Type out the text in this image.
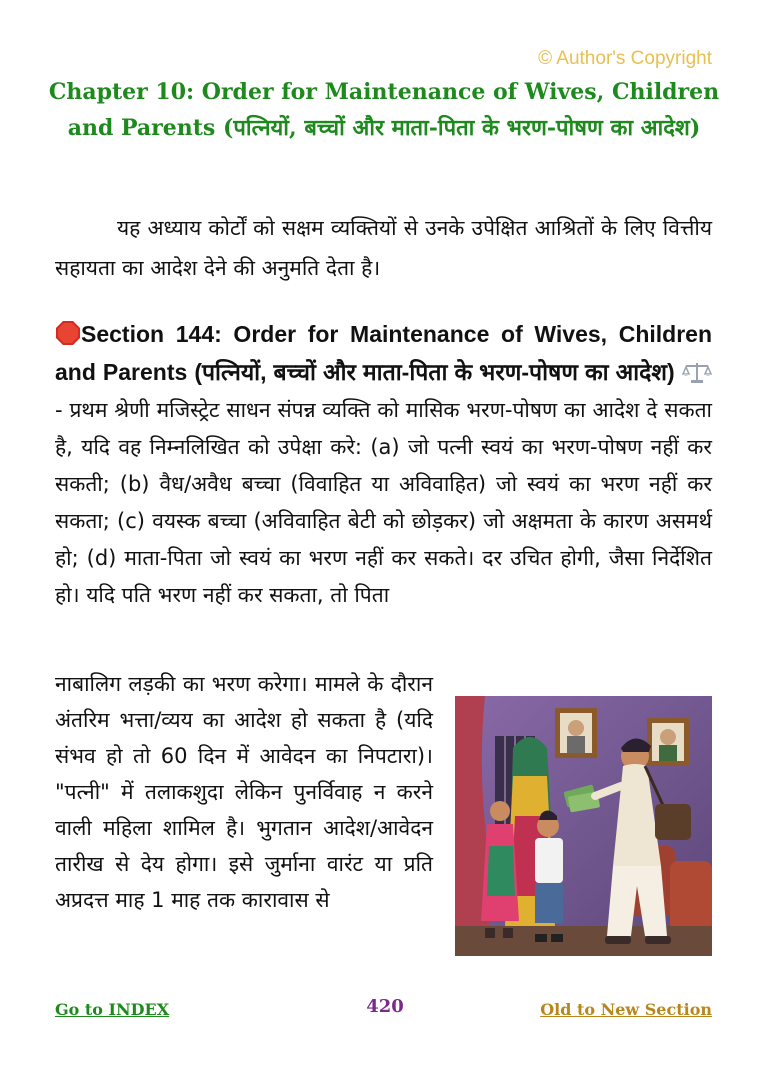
© Author's Copyright
Chapter 10: Order for Maintenance of Wives, Children and Parents (पत्नियों, बच्चों और माता-पिता के भरण-पोषण का आदेश)
यह अध्याय कोर्टों को सक्षम व्यक्तियों से उनके उपेक्षित आश्रितों के लिए वित्तीय सहायता का आदेश देने की अनुमति देता है।
Section 144: Order for Maintenance of Wives, Children and Parents (पत्नियों, बच्चों और माता-पिता के भरण-पोषण का आदेश)  - प्रथम श्रेणी मजिस्ट्रेट साधन संपन्न व्यक्ति को मासिक भरण-पोषण का आदेश दे सकता है, यदि वह निम्नलिखित को उपेक्षा करे: (a) जो पत्नी स्वयं का भरण-पोषण नहीं कर सकती; (b) वैध/अवैध बच्चा (विवाहित या अविवाहित) जो स्वयं का भरण नहीं कर सकता; (c) वयस्क बच्चा (अविवाहित बेटी को छोड़कर) जो अक्षमता के कारण असमर्थ हो; (d) माता-पिता जो स्वयं का भरण नहीं कर सकते। दर उचित होगी, जैसा निर्देशित हो। यदि पति भरण नहीं कर सकता, तो पिता
नाबालिग लड़की का भरण करेगा। मामले के दौरान अंतरिम भत्ता/व्यय का आदेश हो सकता है (यदि संभव हो तो 60 दिन में आवेदन का निपटारा)। "पत्नी" में तलाकशुदा लेकिन पुनर्विवाह न करने वाली महिला शामिल है। भुगतान आदेश/आवेदन तारीख से देय होगा। इसे जुर्माना वारंट या प्रति अप्रदत्त माह 1 माह तक कारावास से
Go to INDEX	420	Old to New Section
